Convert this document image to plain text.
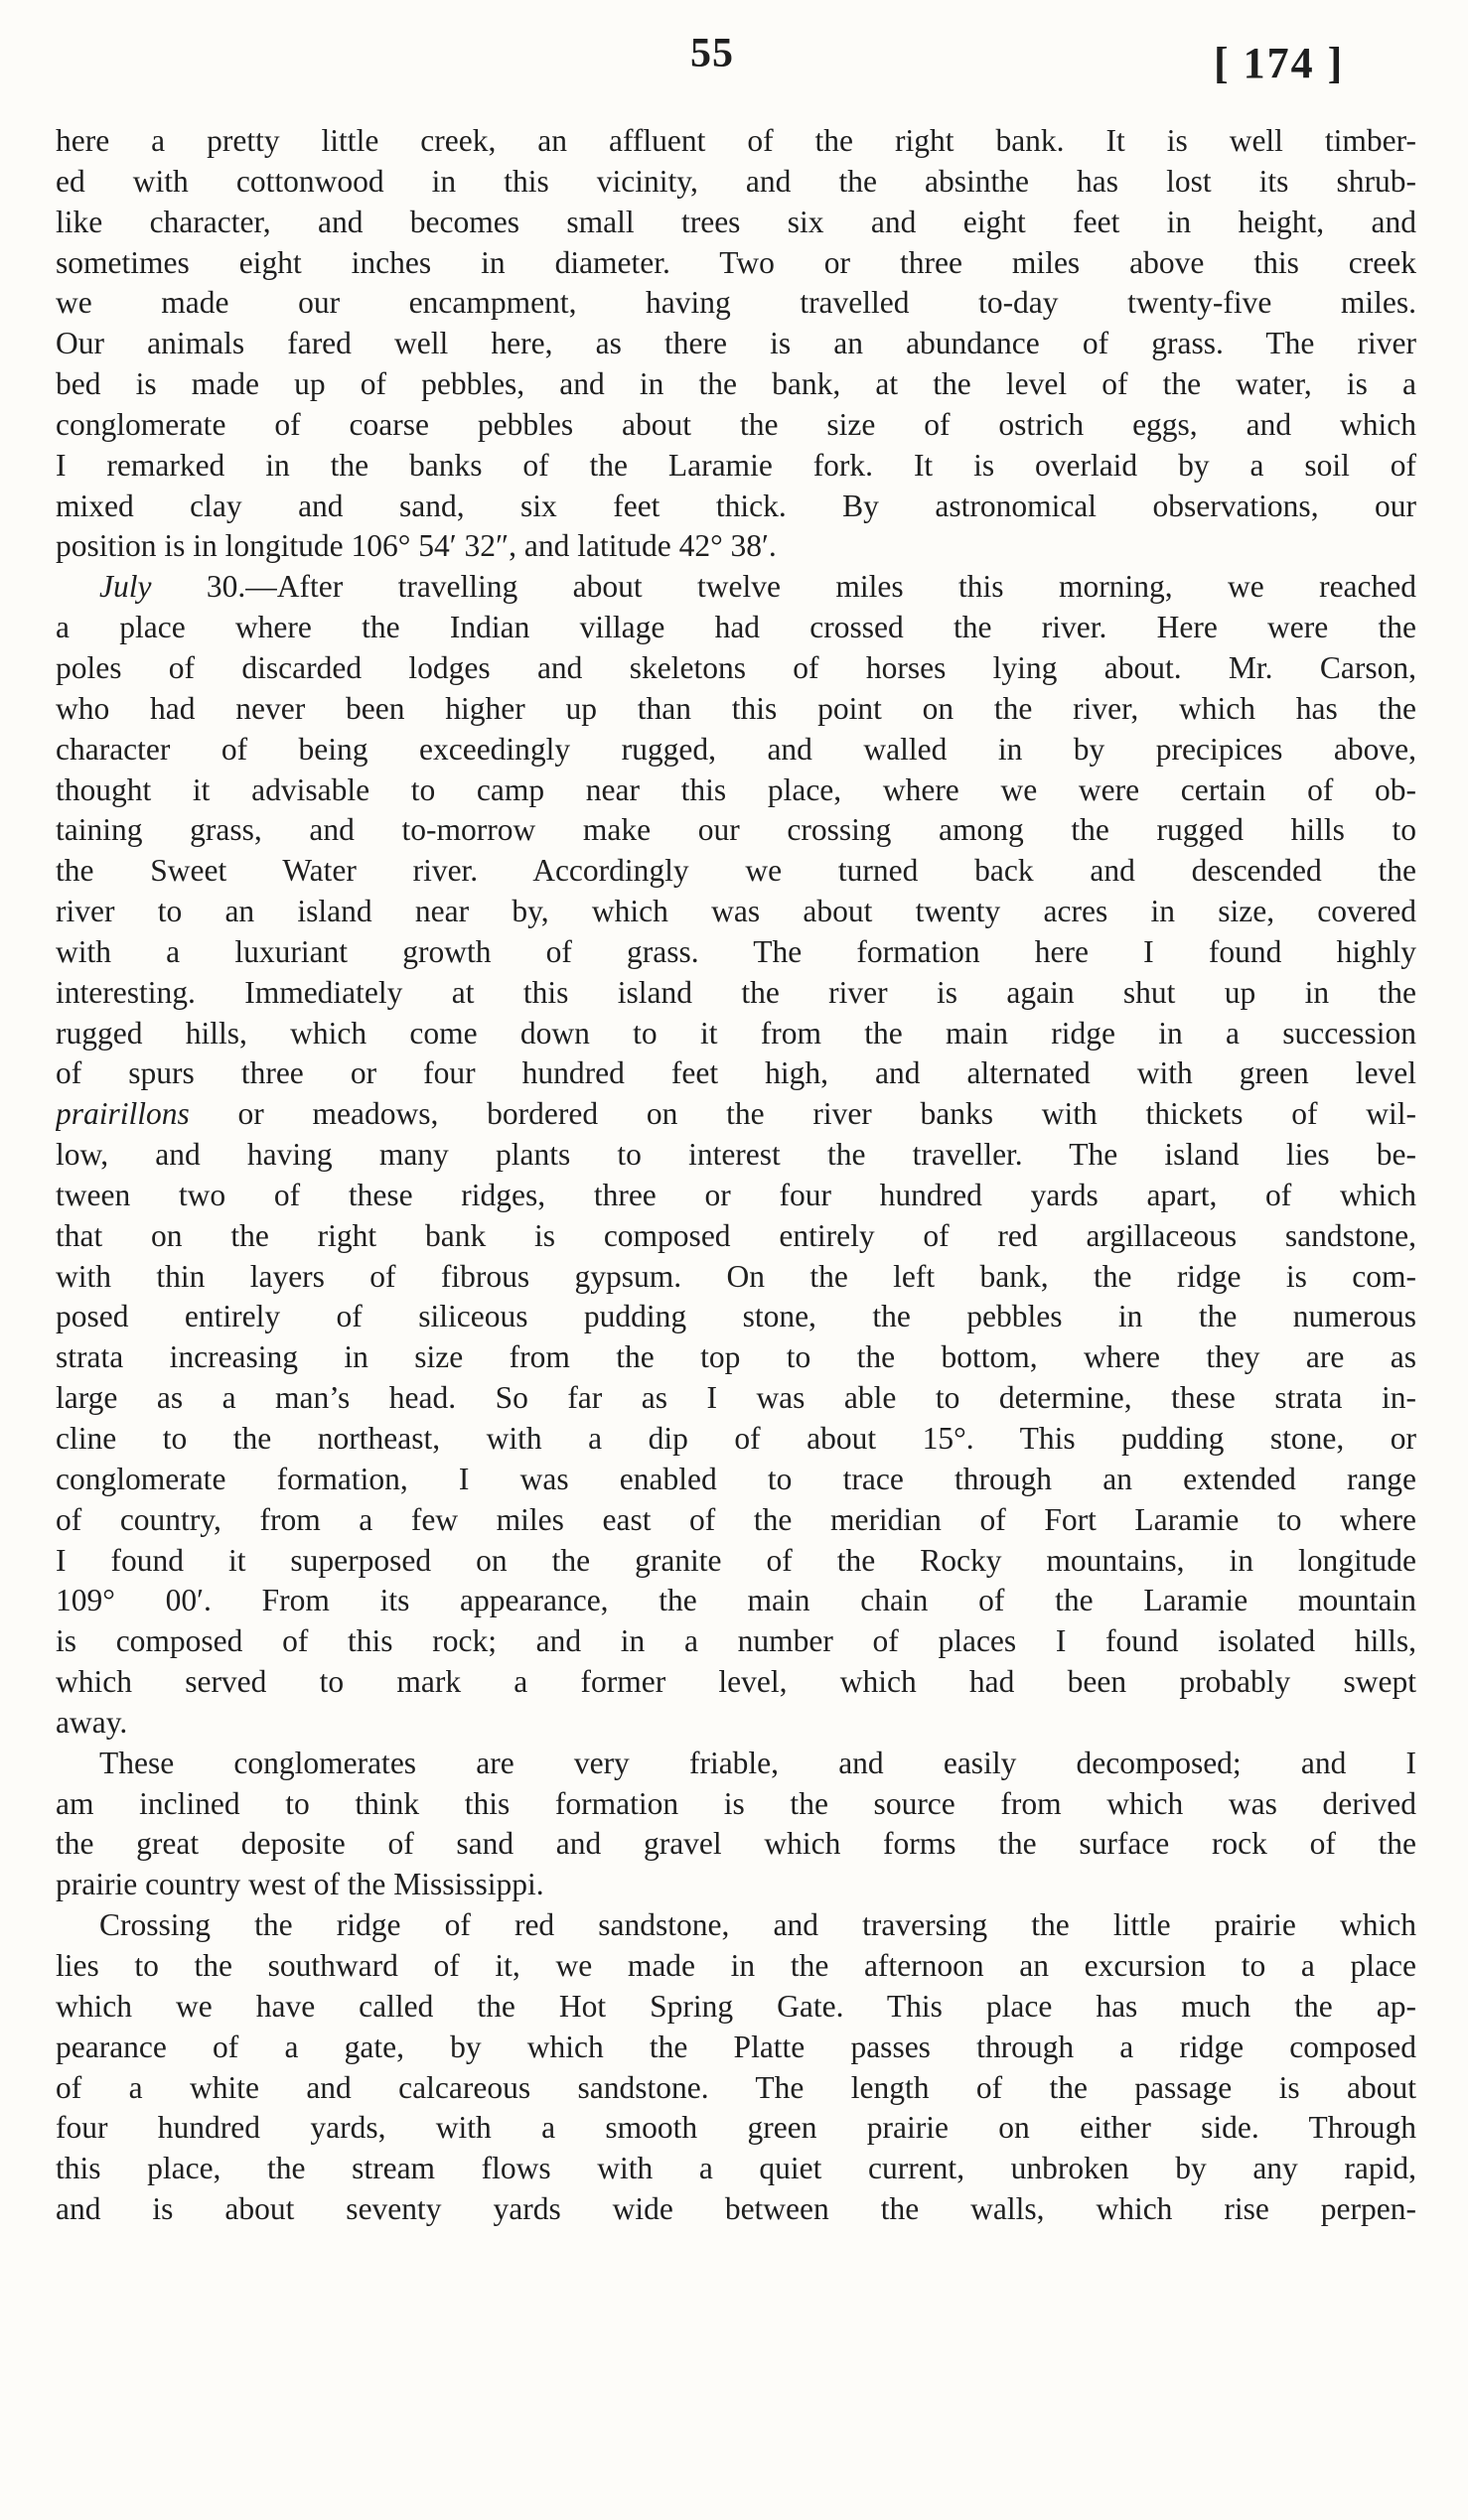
55	[ 174 ]
here a pretty little creek, an affluent of the right bank. It is well timber-
ed with cottonwood in this vicinity, and the absinthe has lost its shrub-
like character, and becomes small trees six and eight feet in height, and
sometimes eight inches in diameter. Two or three miles above this creek
we made our encampment, having travelled to-day twenty-five miles.
Our animals fared well here, as there is an abundance of grass. The river
bed is made up of pebbles, and in the bank, at the level of the water, is a
conglomerate of coarse pebbles about the size of ostrich eggs, and which
I remarked in the banks of the Laramie fork. It is overlaid by a soil of
mixed clay and sand, six feet thick. By astronomical observations, our
position is in longitude 106° 54′ 32″, and latitude 42° 38′.
July 30.—After travelling about twelve miles this morning, we reached
a place where the Indian village had crossed the river. Here were the
poles of discarded lodges and skeletons of horses lying about. Mr. Carson,
who had never been higher up than this point on the river, which has the
character of being exceedingly rugged, and walled in by precipices above,
thought it advisable to camp near this place, where we were certain of ob-
taining grass, and to-morrow make our crossing among the rugged hills to
the Sweet Water river. Accordingly we turned back and descended the
river to an island near by, which was about twenty acres in size, covered
with a luxuriant growth of grass. The formation here I found highly
interesting. Immediately at this island the river is again shut up in the
rugged hills, which come down to it from the main ridge in a succession
of spurs three or four hundred feet high, and alternated with green level
prairillons or meadows, bordered on the river banks with thickets of wil-
low, and having many plants to interest the traveller. The island lies be-
tween two of these ridges, three or four hundred yards apart, of which
that on the right bank is composed entirely of red argillaceous sandstone,
with thin layers of fibrous gypsum. On the left bank, the ridge is com-
posed entirely of siliceous pudding stone, the pebbles in the numerous
strata increasing in size from the top to the bottom, where they are as
large as a man’s head. So far as I was able to determine, these strata in-
cline to the northeast, with a dip of about 15°. This pudding stone, or
conglomerate formation, I was enabled to trace through an extended range
of country, from a few miles east of the meridian of Fort Laramie to where
I found it superposed on the granite of the Rocky mountains, in longitude
109° 00′. From its appearance, the main chain of the Laramie mountain
is composed of this rock; and in a number of places I found isolated hills,
which served to mark a former level, which had been probably swept
away.
These conglomerates are very friable, and easily decomposed; and I
am inclined to think this formation is the source from which was derived
the great deposite of sand and gravel which forms the surface rock of the
prairie country west of the Mississippi.
Crossing the ridge of red sandstone, and traversing the little prairie which
lies to the southward of it, we made in the afternoon an excursion to a place
which we have called the Hot Spring Gate. This place has much the ap-
pearance of a gate, by which the Platte passes through a ridge composed
of a white and calcareous sandstone. The length of the passage is about
four hundred yards, with a smooth green prairie on either side. Through
this place, the stream flows with a quiet current, unbroken by any rapid,
and is about seventy yards wide between the walls, which rise perpen-
